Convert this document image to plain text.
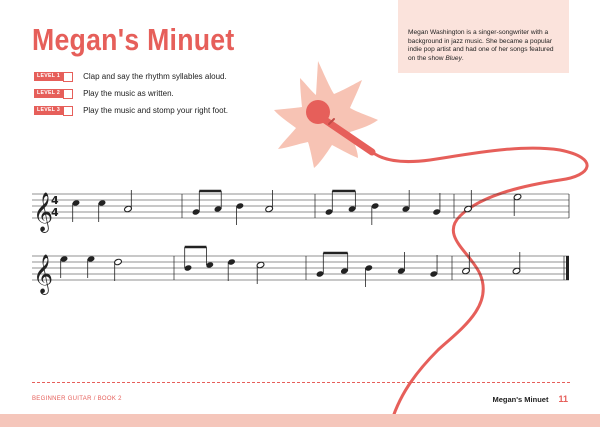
Megan's Minuet	Megan Washington is a singer-songwriter with a background in jazz music. She became a popular indie pop artist and had one of her songs featured on the show Bluey.

LEVEL 1	Clap and say the rhythm syllables aloud.
LEVEL 2	Play the music as written.
LEVEL 3	Play the music and stomp your right foot.
𝄞
4
4
𝄞
BEGINNER GUITAR / BOOK 2	Megan's Minuet 11
